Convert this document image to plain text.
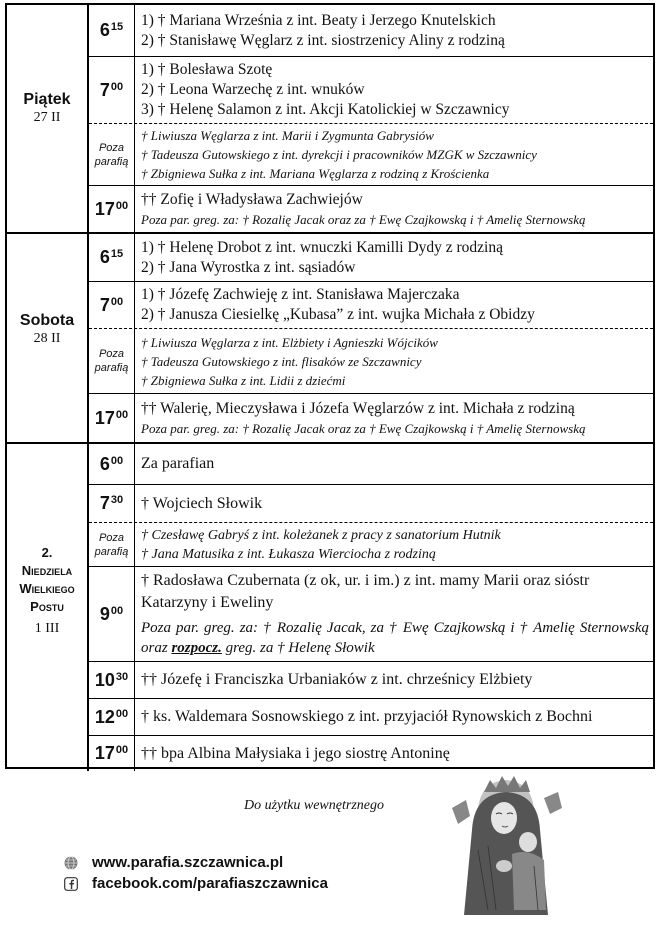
Piątek
27 II
$6^{15}$ 1) † Mariana Września z int. Beaty i Jerzego Knutelskich
2) † Stanisławę Węglarz z int. siostrzenicy Aliny z rodziną
$7^{00}$
1) † Bolesława Szotę
2) † Leona Warzechę z int. wnuków
3) † Helenę Salamon z int. Akcji Katolickiej w Szczawnicy
Poza
parafią
† Liwiusza Węglarza z int. Marii i Zygmunta Gabrysiów
† Tadeusza Gutowskiego z int. dyrekcji i pracowników MZGK w Szczawnicy
† Zbigniewa Sułka z int. Mariana Węglarza z rodziną z Krościenka
$17^{00}$ †† Zofię i Władysława Zachwiejów
Poza par. greg. za: † Rozalię Jacak oraz za † Ewę Czajkowską i † Amelię Sternowską
Sobota
28 II
$6^{15}$ 1) † Helenę Drobot z int. wnuczki Kamilli Dydy z rodziną
2) † Jana Wyrostka z int. sąsiadów
$7^{00}$ 1) † Józefę Zachwieję z int. Stanisława Majerczaka
2) † Janusza Ciesielkę „Kubasa” z int. wujka Michała z Obidzy
Poza
parafią
† Liwiusza Węglarza z int. Elżbiety i Agnieszki Wójcików
† Tadeusza Gutowskiego z int. flisaków ze Szczawnicy
† Zbigniewa Sułka z int. Lidii z dziećmi
$17^{00}$ †† Walerię, Mieczysława i Józefa Węglarzów z int. Michała z rodziną
Poza par. greg. za: † Rozalię Jacak oraz za † Ewę Czajkowską i † Amelię Sternowską
2.
Niedziela
Wielkiego
Postu
1 III
$6^{00}$ Za parafian
$7^{30}$ † Wojciech Słowik
Poza
parafią
† Czesławę Gabryś z int. koleżanek z pracy z sanatorium Hutnik
† Jana Matusika z int. Łukasza Wierciocha z rodziną
$9^{00}$
† Radosława Czubernata (z ok, ur. i im.) z int. mamy Marii oraz sióstr Katarzyny i Eweliny
Poza par. greg. za: † Rozalię Jacak, za † Ewę Czajkowską i † Amelię Sternowską oraz rozpocz. greg. za † Helenę Słowik
$10^{30}$ †† Józefę i Franciszka Urbaniaków z int. chrześnicy Elżbiety
$12^{00}$ † ks. Waldemara Sosnowskiego z int. przyjaciół Rynowskich z Bochni
$17^{00}$ †† bpa Albina Małysiaka i jego siostrę Antoninę
Do użytku wewnętrznego
www.parafia.szczawnica.pl
facebook.com/parafiaszczawnica
